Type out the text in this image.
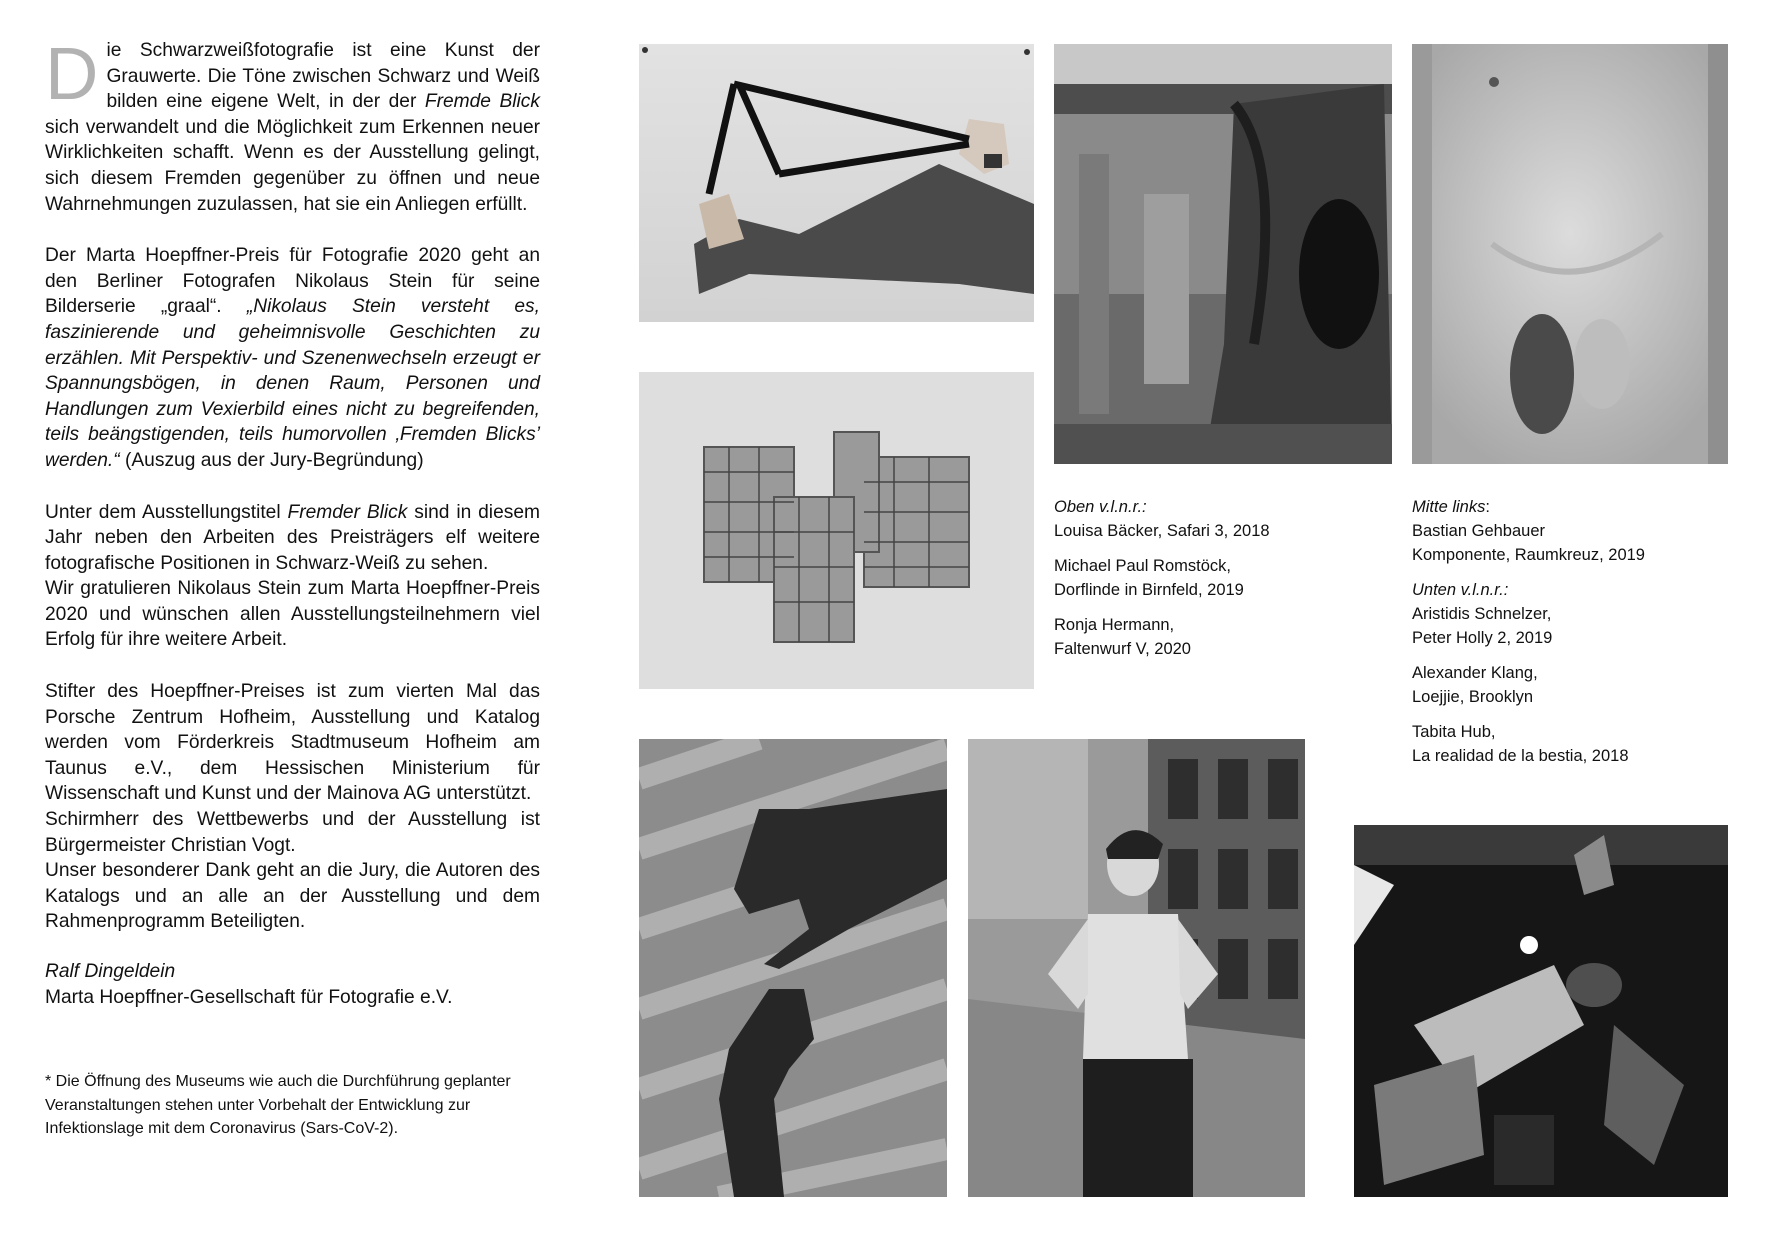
Die Schwarzweißfotografie ist eine Kunst der Grauwerte. Die Töne zwischen Schwarz und Weiß bilden eine eigene Welt, in der der Fremde Blick sich verwandelt und die Möglichkeit zum Erkennen neuer Wirklichkeiten schafft. Wenn es der Ausstellung gelingt, sich diesem Fremden gegenüber zu öffnen und neue Wahrnehmungen zuzulassen, hat sie ein Anliegen erfüllt.

Der Marta Hoepffner-Preis für Fotografie 2020 geht an den Berliner Fotografen Nikolaus Stein für seine Bilderserie „graal“. „Nikolaus Stein versteht es, faszinierende und geheimnisvolle Geschichten zu erzählen. Mit Perspektiv- und Szenenwechseln erzeugt er Spannungsbögen, in denen Raum, Personen und Handlungen zum Vexierbild eines nicht zu begreifenden, teils beängstigenden, teils humorvollen ‚Fremden Blicks’ werden.“ (Auszug aus der Jury-Begründung)

Unter dem Ausstellungstitel Fremder Blick sind in diesem Jahr neben den Arbeiten des Preisträgers elf weitere fotografische Positionen in Schwarz-Weiß zu sehen.

Wir gratulieren Nikolaus Stein zum Marta Hoepffner-Preis 2020 und wünschen allen Ausstellungsteilnehmern viel Erfolg für ihre weitere Arbeit.

Stifter des Hoepffner-Preises ist zum vierten Mal das Porsche Zentrum Hofheim, Ausstellung und Katalog werden vom Förderkreis Stadtmuseum Hofheim am Taunus e.V., dem Hessischen Ministerium für Wissenschaft und Kunst und der Mainova AG unterstützt.

Schirmherr des Wettbewerbs und der Ausstellung ist Bürgermeister Christian Vogt.

Unser besonderer Dank geht an die Jury, die Autoren des Katalogs und an alle an der Ausstellung und dem Rahmenprogramm Beteiligten.

Ralf Dingeldein

Marta Hoepffner-Gesellschaft für Fotografie e.V.

* Die Öffnung des Museums wie auch die Durchführung geplanter Veranstaltungen stehen unter Vorbehalt der Entwicklung zur Infektionslage mit dem Coronavirus (Sars-CoV-2).

Oben v.l.n.r.:
Louisa Bäcker, Safari 3, 2018

Michael Paul Romstöck,
Dorflinde in Birnfeld, 2019

Ronja Hermann,
Faltenwurf V, 2020

Mitte links:
Bastian Gehbauer
Komponente, Raumkreuz, 2019

Unten v.l.n.r.:
Aristidis Schnelzer,
Peter Holly 2, 2019

Alexander Klang,
Loejjie, Brooklyn

Tabita Hub,
La realidad de la bestia, 2018
